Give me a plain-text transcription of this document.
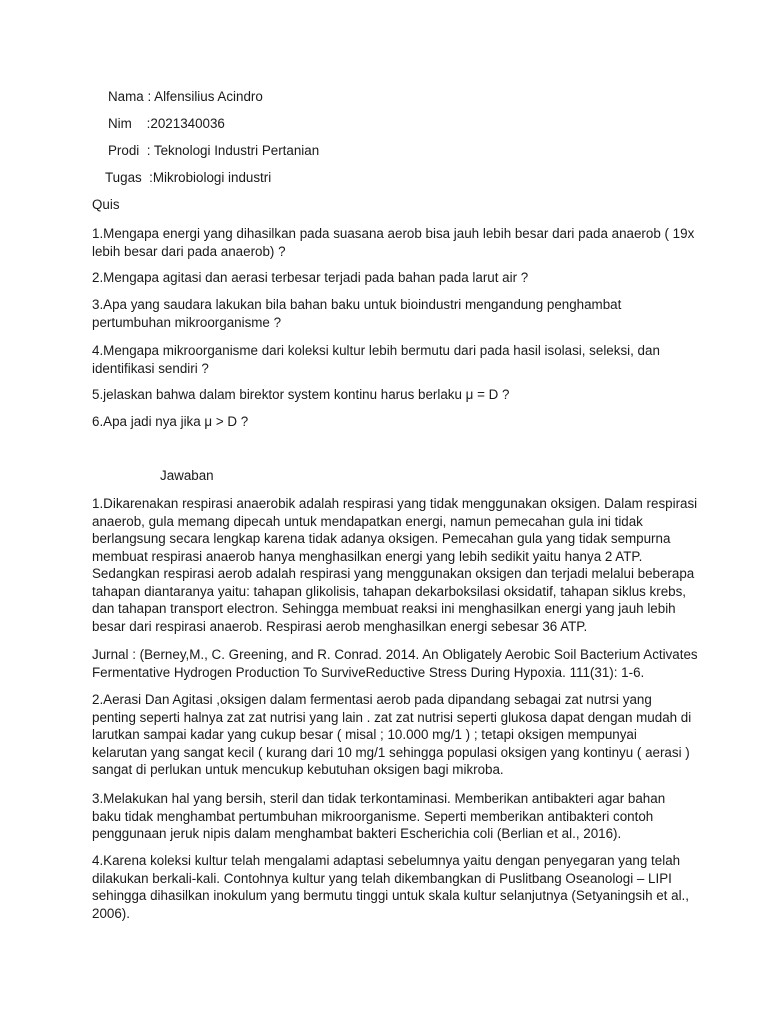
Nama : Alfensilius Acindro

Nim    :2021340036

Prodi  : Teknologi Industri Pertanian

Tugas  :Mikrobiologi industri

Quis

1.Mengapa energi yang dihasilkan pada suasana aerob bisa jauh lebih besar dari pada anaerob ( 19x
lebih besar dari pada anaerob) ?

2.Mengapa agitasi dan aerasi terbesar terjadi pada bahan pada larut air ?

3.Apa yang saudara lakukan bila bahan baku untuk bioindustri mengandung penghambat
pertumbuhan mikroorganisme ?
4.Mengapa mikroorganisme dari koleksi kultur lebih bermutu dari pada hasil isolasi, seleksi, dan
identifikasi sendiri ?

5.jelaskan bahwa dalam birektor system kontinu harus berlaku μ = D ?

6.Apa jadi nya jika μ > D ?

Jawaban

1.Dikarenakan respirasi anaerobik adalah respirasi yang tidak menggunakan oksigen. Dalam respirasi
anaerob, gula memang dipecah untuk mendapatkan energi, namun pemecahan gula ini tidak
berlangsung secara lengkap karena tidak adanya oksigen. Pemecahan gula yang tidak sempurna
membuat respirasi anaerob hanya menghasilkan energi yang lebih sedikit yaitu hanya 2 ATP.
Sedangkan respirasi aerob adalah respirasi yang menggunakan oksigen dan terjadi melalui beberapa
tahapan diantaranya yaitu: tahapan glikolisis, tahapan dekarboksilasi oksidatif, tahapan siklus krebs,
dan tahapan transport electron. Sehingga membuat reaksi ini menghasilkan energi yang jauh lebih
besar dari respirasi anaerob. Respirasi aerob menghasilkan energi sebesar 36 ATP.
Jurnal : (Berney,M., C. Greening, and R. Conrad. 2014. An Obligately Aerobic Soil Bacterium Activates
Fermentative Hydrogen Production To SurviveReductive Stress During Hypoxia. 111(31): 1-6.
2.Aerasi Dan Agitasi ,oksigen dalam fermentasi aerob pada dipandang sebagai zat nutrsi yang
penting seperti halnya zat zat nutrisi yang lain . zat zat nutrisi seperti glukosa dapat dengan mudah di
larutkan sampai kadar yang cukup besar ( misal ; 10.000 mg/1 ) ; tetapi oksigen mempunyai
kelarutan yang sangat kecil ( kurang dari 10 mg/1 sehingga populasi oksigen yang kontinyu ( aerasi )
sangat di perlukan untuk mencukup kebutuhan oksigen bagi mikroba.
3.Melakukan hal yang bersih, steril dan tidak terkontaminasi. Memberikan antibakteri agar bahan
baku tidak menghambat pertumbuhan mikroorganisme. Seperti memberikan antibakteri contoh
penggunaan jeruk nipis dalam menghambat bakteri Escherichia coli (Berlian et al., 2016).
4.Karena koleksi kultur telah mengalami adaptasi sebelumnya yaitu dengan penyegaran yang telah
dilakukan berkali-kali. Contohnya kultur yang telah dikembangkan di Puslitbang Oseanologi – LIPI
sehingga dihasilkan inokulum yang bermutu tinggi untuk skala kultur selanjutnya (Setyaningsih et al.,
2006).
